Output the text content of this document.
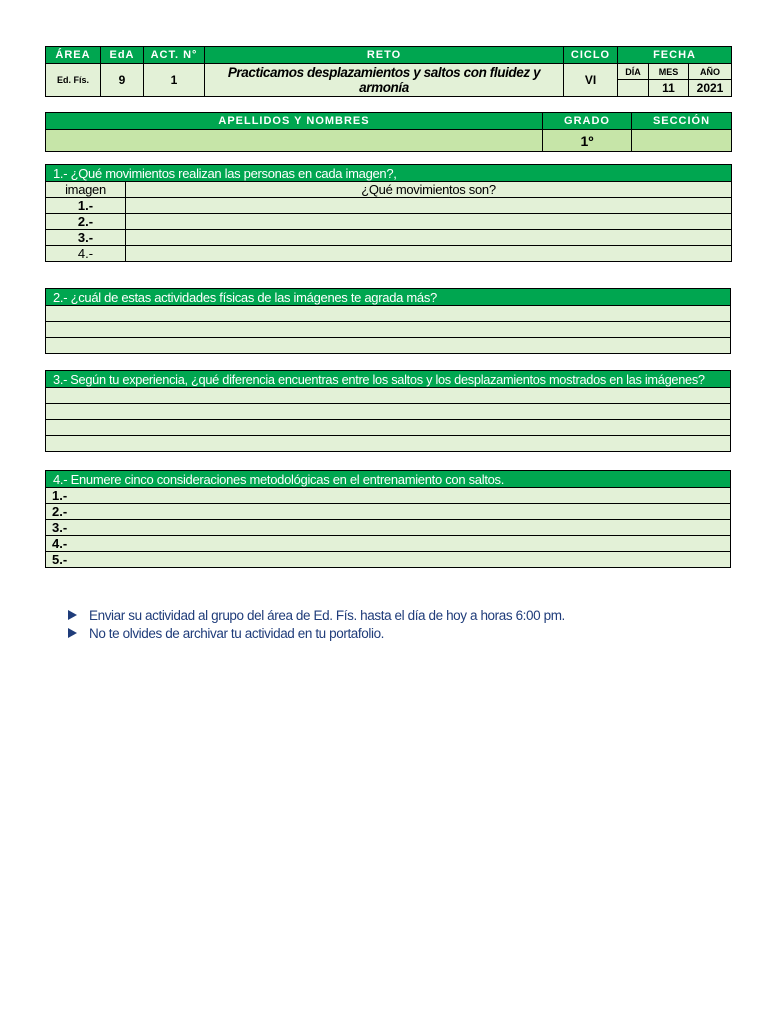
ÁREA	EdA	ACT. N°	RETO	CICLO	FECHA		
Ed. Fís.	9	1	Practicamos desplazamientos y saltos con fluidez y armonía	VI	DÍA	MES	AÑO
						11	2021
APELLIDOS Y NOMBRES	GRADO	SECCIÓN
	1º	
1.- ¿Qué movimientos realizan las personas en cada imagen?,	
imagen	¿Qué movimientos son?
1.-	
2.-	
3.-	
4.-	
2.- ¿cuál de estas actividades físicas de las imágenes te agrada más?

3.- Según tu experiencia, ¿qué diferencia encuentras entre los saltos y los desplazamientos mostrados en las imágenes?

4.- Enumere cinco consideraciones metodológicas en el entrenamiento con saltos.
1.-
2.-
3.-
4.-
5.-
Enviar su actividad al grupo del área de Ed. Fís. hasta el día de hoy a horas 6:00 pm.
No te olvides de archivar tu actividad en tu portafolio.
